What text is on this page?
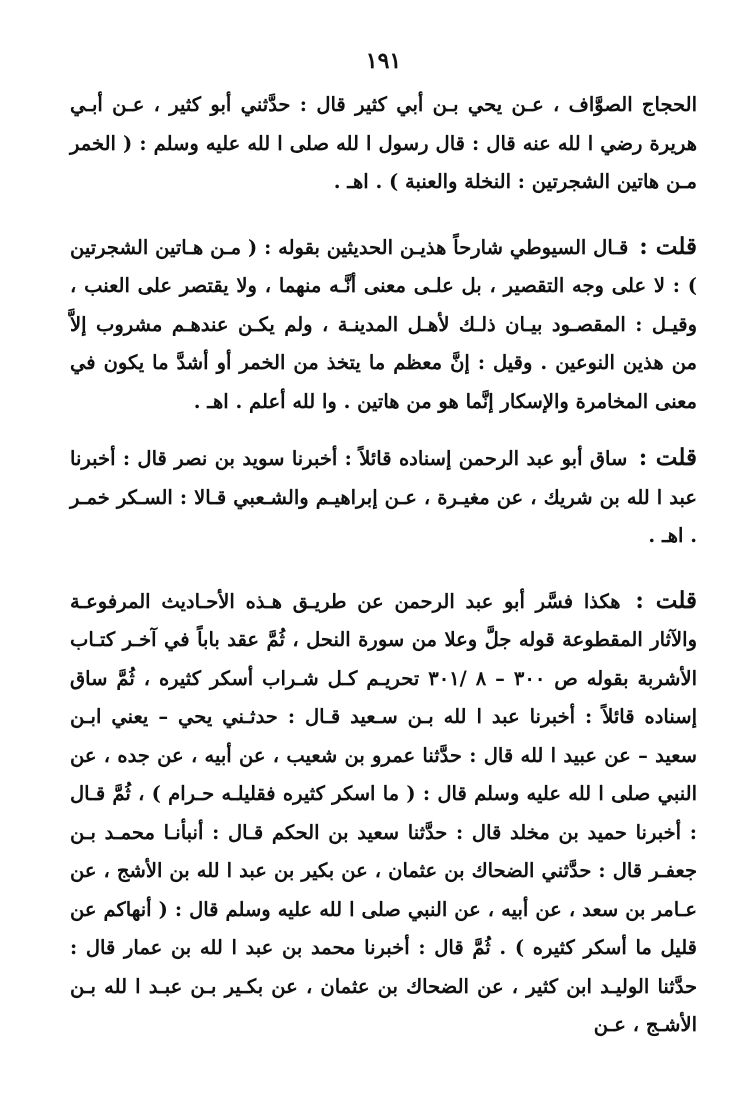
١٩١

الحجاج الصوَّاف ، عـن يحي بـن أبي كثير قال : حدَّثني أبو كثير ، عـن أبـي هريرة رضي ا لله عنه قال : قال رسول ا لله صلى ا لله عليه وسلم : ( الخمر مـن هاتين الشجرتين : النخلة والعنبة ) . اهـ .

قلت : قـال السيوطي شارحاً هذيـن الحديثين بقوله : ( مـن هـاتين الشجرتين ) : لا على وجه التقصير ، بل علـى معنى أنَّـه منهما ، ولا يقتصر على العنب ، وقيـل : المقصـود بيـان ذلـك لأهـل المدينـة ، ولم يكـن عندهـم مشروب إلاَّ من هذين النوعين . وقيل : إنَّ معظم ما يتخذ من الخمر أو أشدَّ ما يكون في معنى المخامرة والإسكار إنَّما هو من هاتين . وا لله أعلم . اهـ .

قلت : ساق أبو عبد الرحمن إسناده قائلاً : أخبرنا سويد بن نصر قال : أخبرنا عبد ا لله بن شريك ، عن مغيـرة ، عـن إبراهيـم والشـعبي قـالا : السـكر خمـر . اهـ .

قلت : هكذا فسَّر أبو عبد الرحمن عن طريـق هـذه الأحـاديث المرفوعـة والآثار المقطوعة قوله جلَّ وعلا من سورة النحل ، ثُمَّ عقد باباً في آخـر كتـاب الأشربة بقوله ص ٣٠٠ – ٨ /٣٠١ تحريـم كـل شـراب أسكر كثيره ، ثُمَّ ساق إسناده قائلاً : أخبرنا عبد ا لله بـن سـعيد قـال : حدثـني يحي – يعني ابـن سعيد – عن عبيد ا لله قال : حدَّثنا عمرو بن شعيب ، عن أبيه ، عن جده ، عن النبي صلى ا لله عليه وسلم قال : ( ما اسكر كثيره فقليلـه حـرام ) ، ثُمَّ قـال : أخبرنا حميد بن مخلد قال : حدَّثنا سعيد بن الحكم قـال : أنبأنـا محمـد بـن جعفـر قال : حدَّثني الضحاك بن عثمان ، عن بكير بن عبد ا لله بن الأشج ، عن عـامر بن سعد ، عن أبيه ، عن النبي صلى ا لله عليه وسلم قال : ( أنهاكم عن قليل ما أسكر كثيره ) . ثُمَّ قال : أخبرنا محمد بن عبد ا لله بن عمار قال : حدَّثنا الوليـد ابن كثير ، عن الضحاك بن عثمان ، عن بكـير بـن عبـد ا لله بـن الأشـج ، عـن
